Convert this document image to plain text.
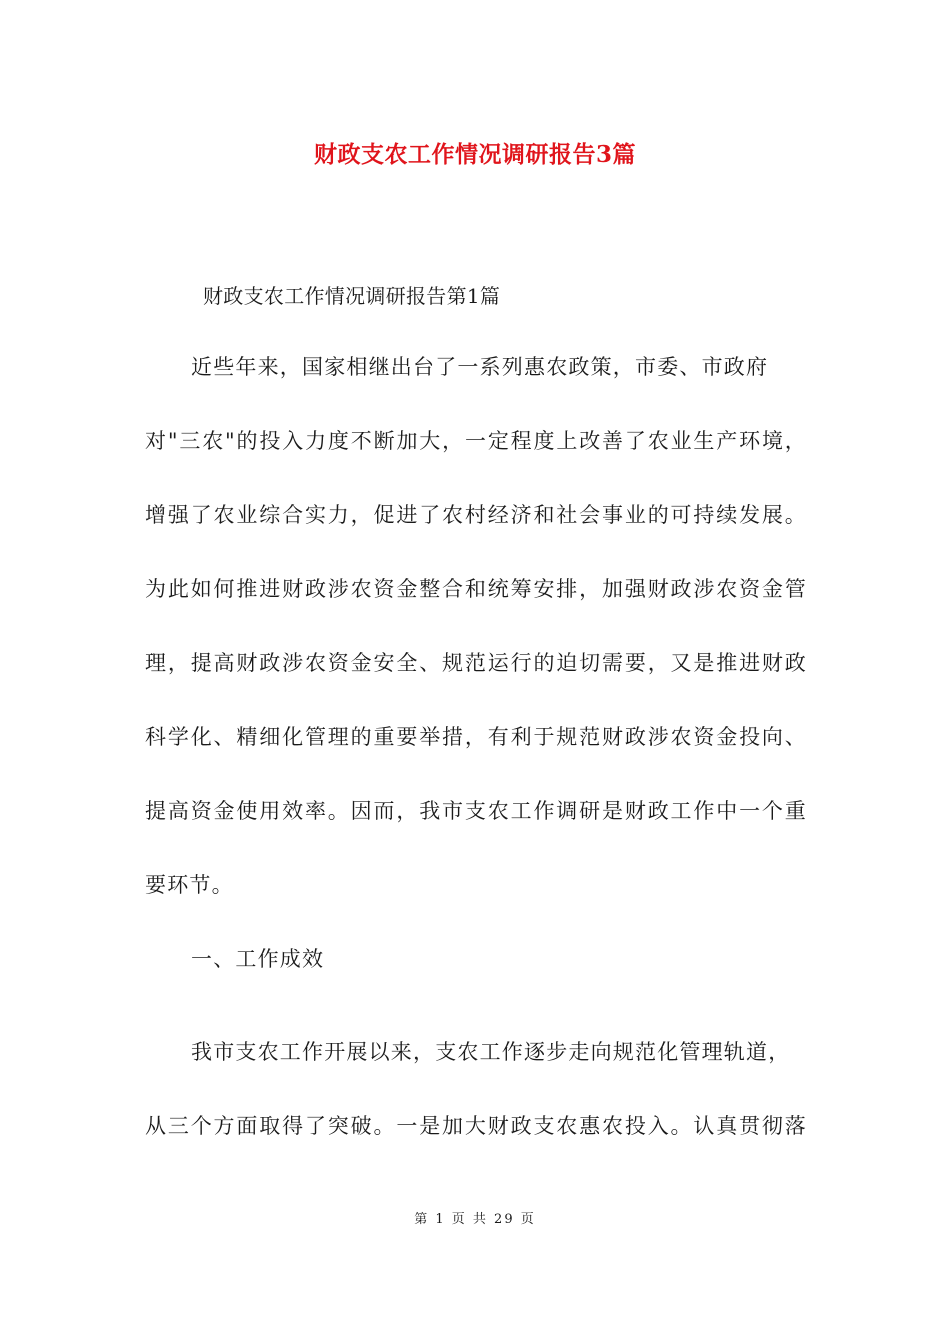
财政支农工作情况调研报告3篇
财政支农工作情况调研报告第1篇
近些年来，国家相继出台了一系列惠农政策，市委、市政府
对"三农"的投入力度不断加大，一定程度上改善了农业生产环境，
增强了农业综合实力，促进了农村经济和社会事业的可持续发展。
为此如何推进财政涉农资金整合和统筹安排，加强财政涉农资金管
理，提高财政涉农资金安全、规范运行的迫切需要，又是推进财政
科学化、精细化管理的重要举措，有利于规范财政涉农资金投向、
提高资金使用效率。因而，我市支农工作调研是财政工作中一个重
要环节。
一、工作成效
我市支农工作开展以来，支农工作逐步走向规范化管理轨道，
从三个方面取得了突破。一是加大财政支农惠农投入。认真贯彻落
第 1 页 共 29 页
